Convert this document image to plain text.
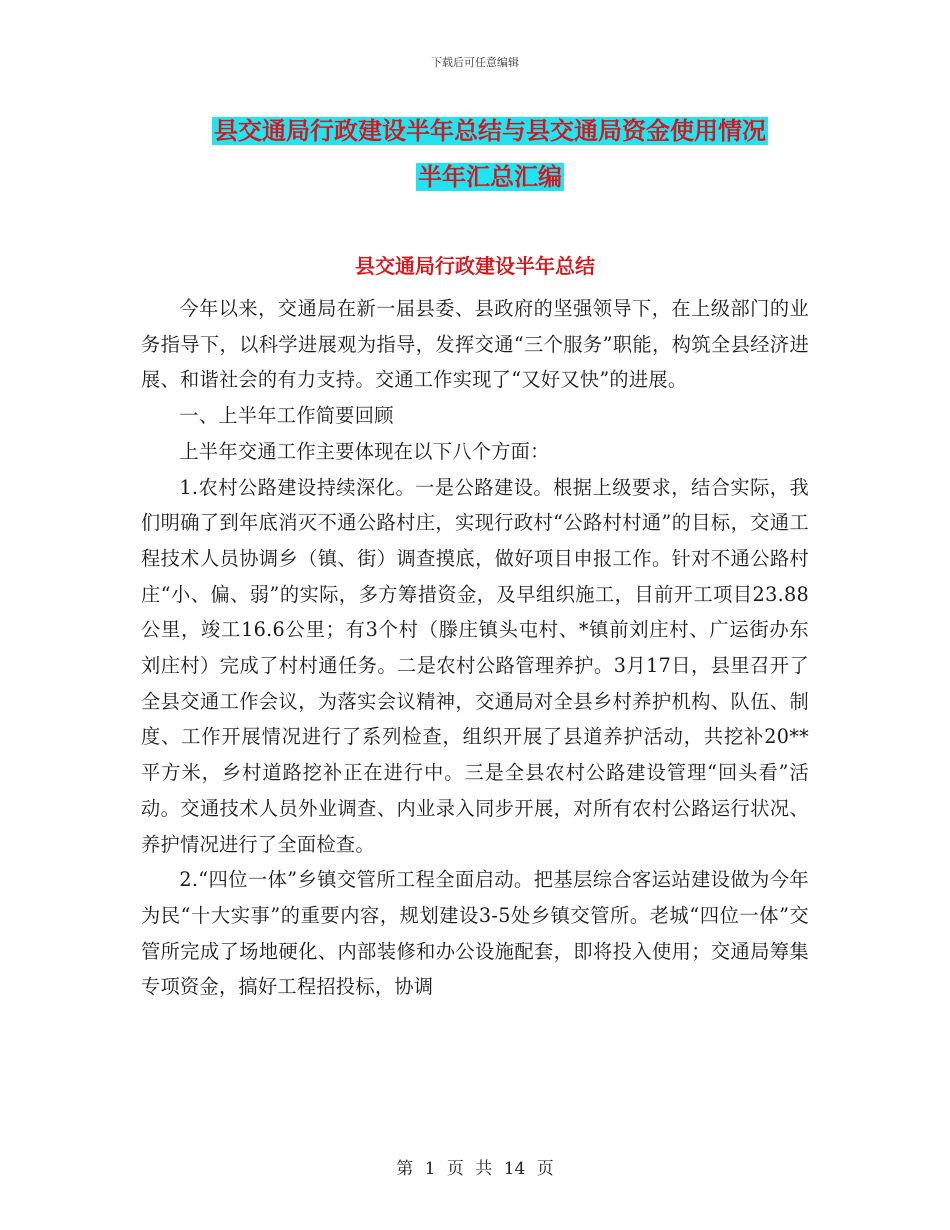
下载后可任意编辑
县交通局行政建设半年总结与县交通局资金使用情况
半年汇总汇编
县交通局行政建设半年总结

今年以来，交通局在新一届县委、县政府的坚强领导下，在上级部门的业务指导下，以科学进展观为指导，发挥交通“三个服务”职能，构筑全县经济进展、和谐社会的有力支持。交通工作实现了“又好又快”的进展。

一、上半年工作简要回顾

上半年交通工作主要体现在以下八个方面：

1.农村公路建设持续深化。一是公路建设。根据上级要求，结合实际，我们明确了到年底消灭不通公路村庄，实现行政村“公路村村通”的目标，交通工程技术人员协调乡（镇、街）调查摸底，做好项目申报工作。针对不通公路村庄“小、偏、弱”的实际，多方筹措资金，及早组织施工，目前开工项目23.88公里，竣工16.6公里；有3个村（滕庄镇头屯村、*镇前刘庄村、广运街办东刘庄村）完成了村村通任务。二是农村公路管理养护。3月17日，县里召开了全县交通工作会议，为落实会议精神，交通局对全县乡村养护机构、队伍、制度、工作开展情况进行了系列检查，组织开展了县道养护活动，共挖补20**平方米，乡村道路挖补正在进行中。三是全县农村公路建设管理“回头看”活动。交通技术人员外业调查、内业录入同步开展，对所有农村公路运行状况、养护情况进行了全面检查。

2.“四位一体”乡镇交管所工程全面启动。把基层综合客运站建设做为今年为民“十大实事”的重要内容，规划建设3-5处乡镇交管所。老城“四位一体”交管所完成了场地硬化、内部装修和办公设施配套，即将投入使用；交通局筹集专项资金，搞好工程招投标，协调

第 1 页 共 14 页
